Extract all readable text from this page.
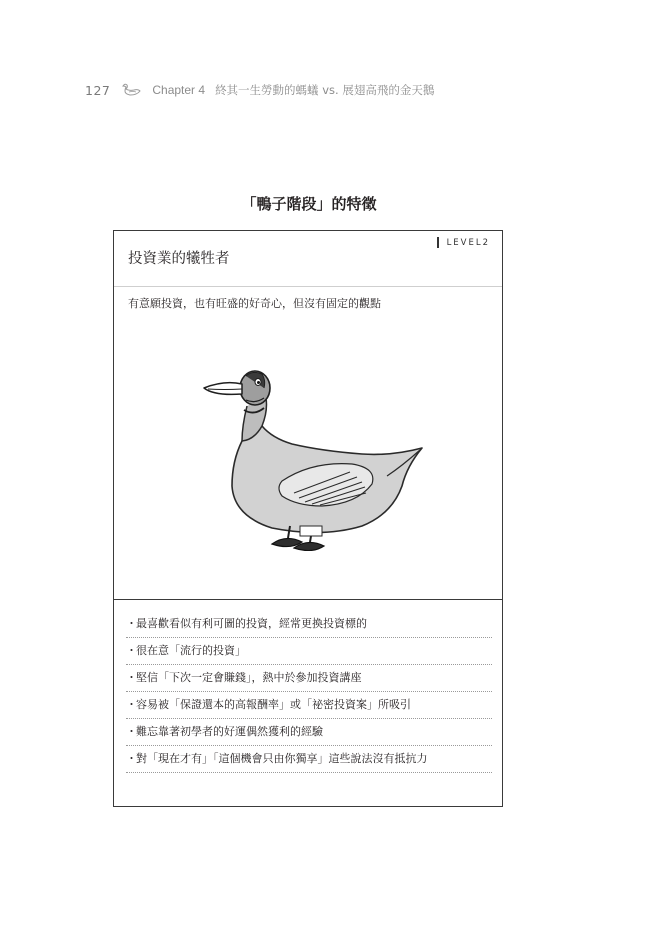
127	Chapter 4 終其一生勞動的螞蟻 vs. 展翅高飛的金天鵝
「鴨子階段」的特徵
投資業的犧牲者
LEVEL2
有意願投資，也有旺盛的好奇心，但沒有固定的觀點
・最喜歡看似有利可圖的投資，經常更換投資標的
・很在意「流行的投資」
・堅信「下次一定會賺錢」，熱中於參加投資講座
・容易被「保證還本的高報酬率」或「祕密投資案」所吸引
・難忘靠著初學者的好運偶然獲利的經驗
・對「現在才有」「這個機會只由你獨享」這些說法沒有抵抗力
